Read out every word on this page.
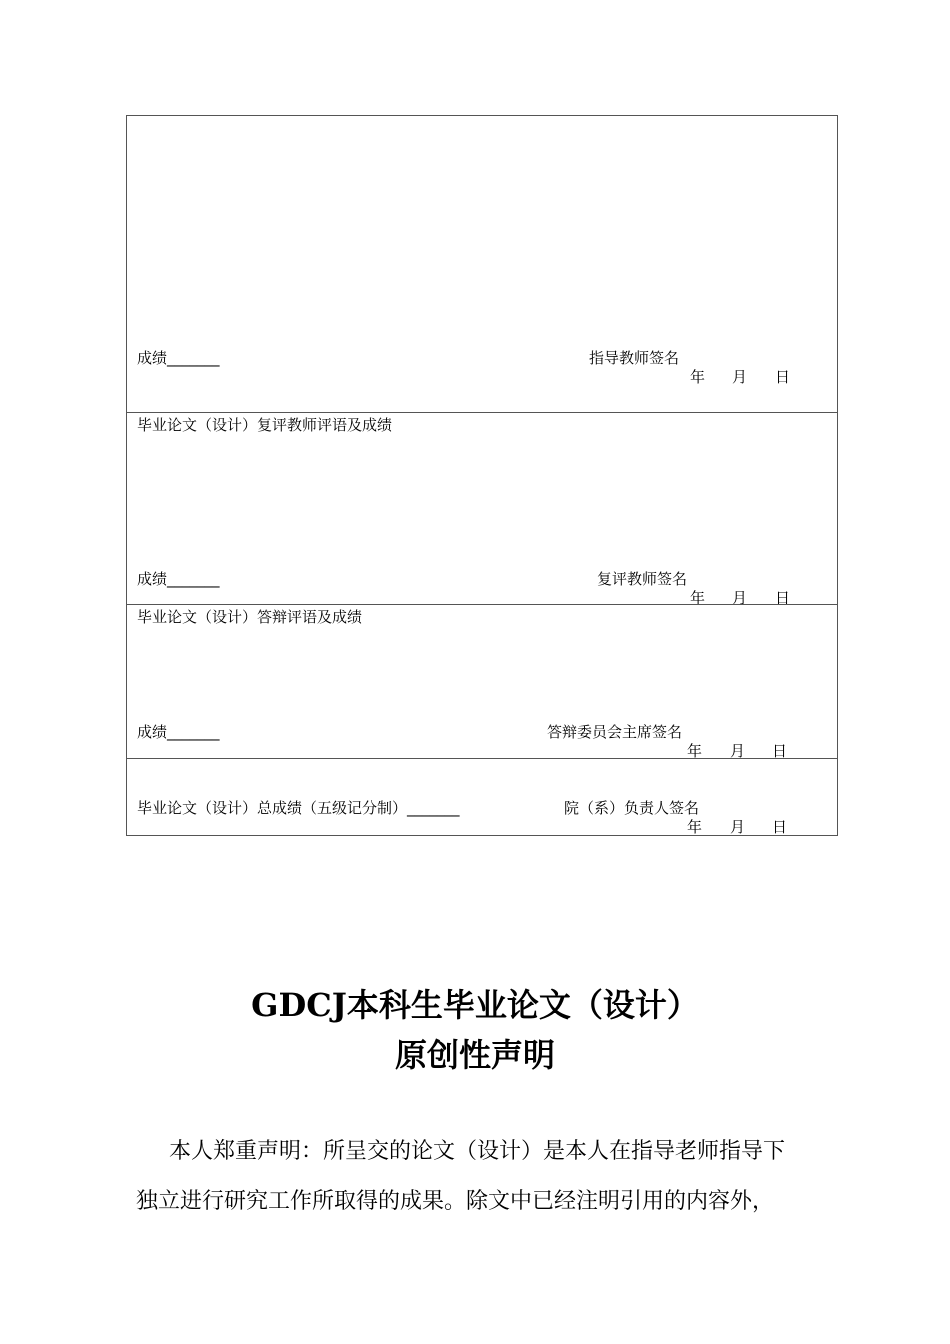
成绩_______	指导教师签名
年 月 日
毕业论文（设计）复评教师评语及成绩
成绩_______	复评教师签名
年 月 日
毕业论文（设计）答辩评语及成绩
成绩_______	答辩委员会主席签名
年 月 日
毕业论文（设计）总成绩（五级记分制）_______	院（系）负责人签名
年 月 日
GDCJ本科生毕业论文（设计）
原创性声明
本人郑重声明：所呈交的论文（设计）是本人在指导老师指导下
独立进行研究工作所取得的成果。除文中已经注明引用的内容外，
